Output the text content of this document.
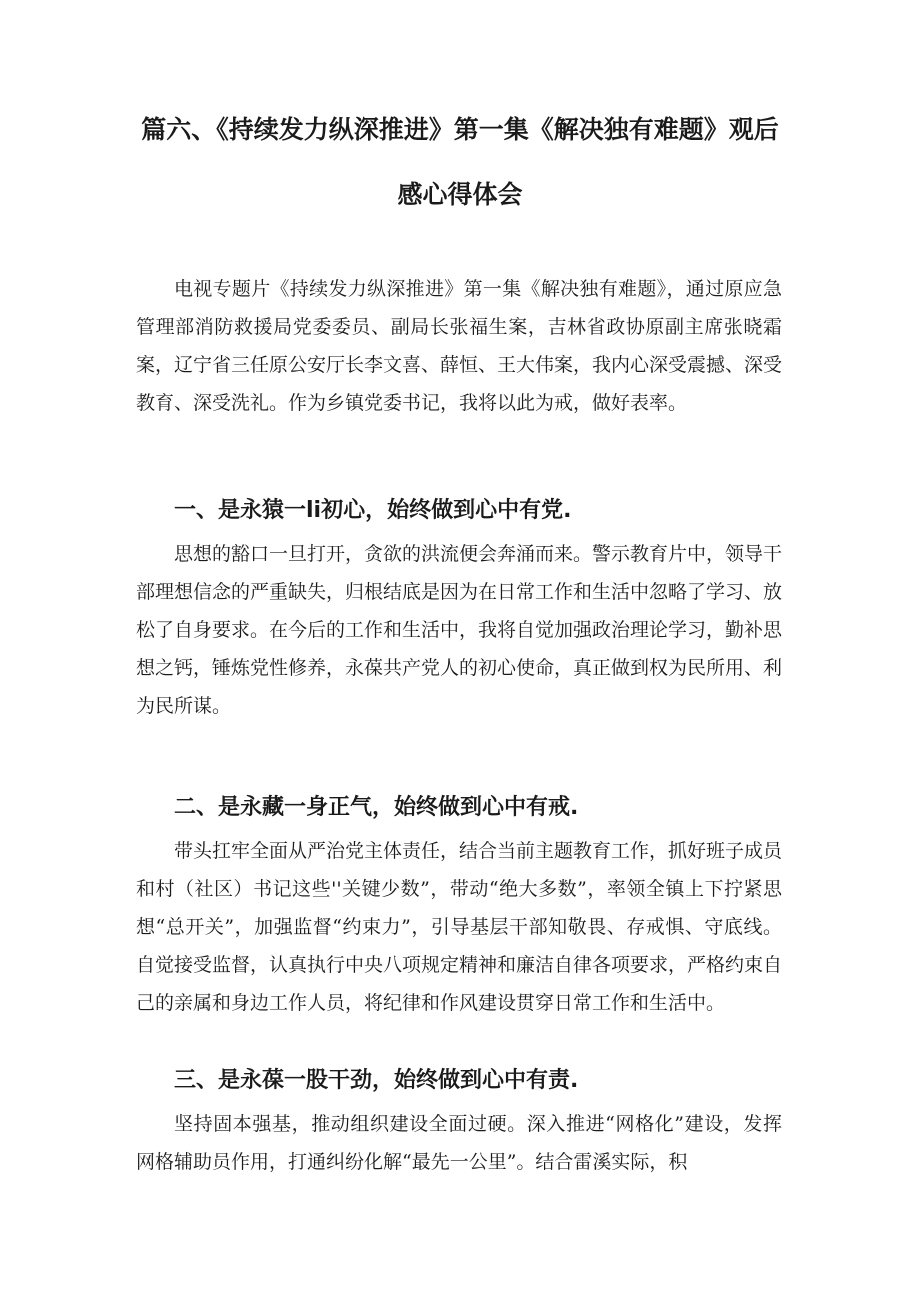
篇六、《持续发力纵深推进》第一集《解决独有难题》观后
感心得体会

电视专题片《持续发力纵深推进》第一集《解决独有难题》，通过原应急管理部消防救援局党委委员、副局长张福生案，吉林省政协原副主席张晓霜案，辽宁省三任原公安厅长李文喜、薛恒、王大伟案，我内心深受震撼、深受教育、深受洗礼。作为乡镇党委书记，我将以此为戒，做好表率。

一、是永猿一li初心，始终做到心中有党.

思想的豁口一旦打开，贪欲的洪流便会奔涌而来。警示教育片中，领导干部理想信念的严重缺失，归根结底是因为在日常工作和生活中忽略了学习、放松了自身要求。在今后的工作和生活中，我将自觉加强政治理论学习，勤补思想之钙，锤炼党性修养，永葆共产党人的初心使命，真正做到权为民所用、利为民所谋。

二、是永藏一身正气，始终做到心中有戒.

带头扛牢全面从严治党主体责任，结合当前主题教育工作，抓好班子成员和村（社区）书记这些''关键少数”，带动“绝大多数”，率领全镇上下拧紧思想“总开关”，加强监督“约束力”，引导基层干部知敬畏、存戒惧、守底线。自觉接受监督，认真执行中央八项规定精神和廉洁自律各项要求，严格约束自己的亲属和身边工作人员，将纪律和作风建设贯穿日常工作和生活中。

三、是永葆一股干劲，始终做到心中有责.

坚持固本强基，推动组织建设全面过硬。深入推进“网格化”建设，发挥网格辅助员作用，打通纠纷化解“最先一公里”。结合雷溪实际，积
